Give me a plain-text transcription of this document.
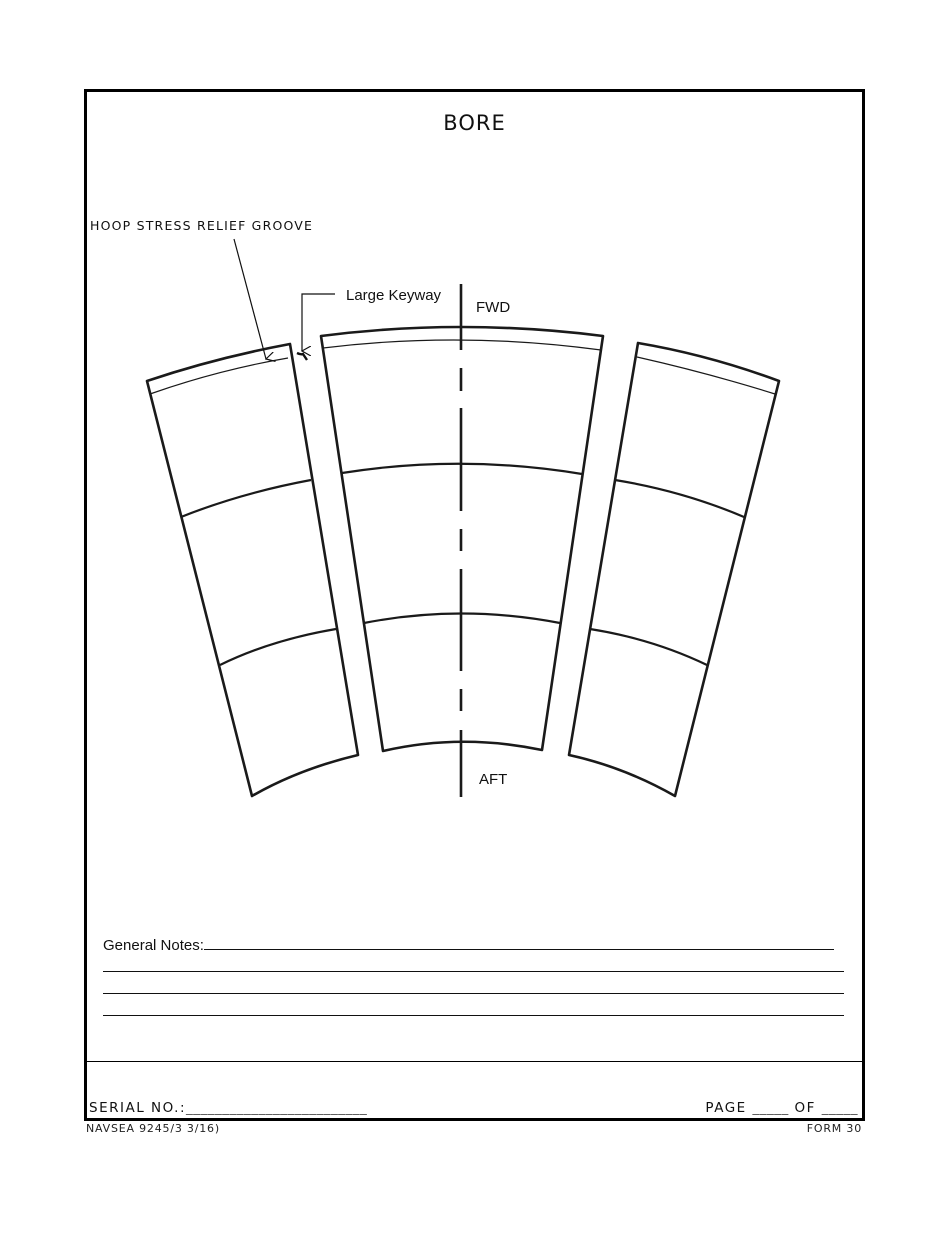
BORE
HOOP STRESS RELIEF GROOVE
Large Keyway
FWD
AFT
General Notes:
SERIAL NO.:_________________________	PAGE _____ OF _____
NAVSEA 9245/3 3/16)	FORM 30
